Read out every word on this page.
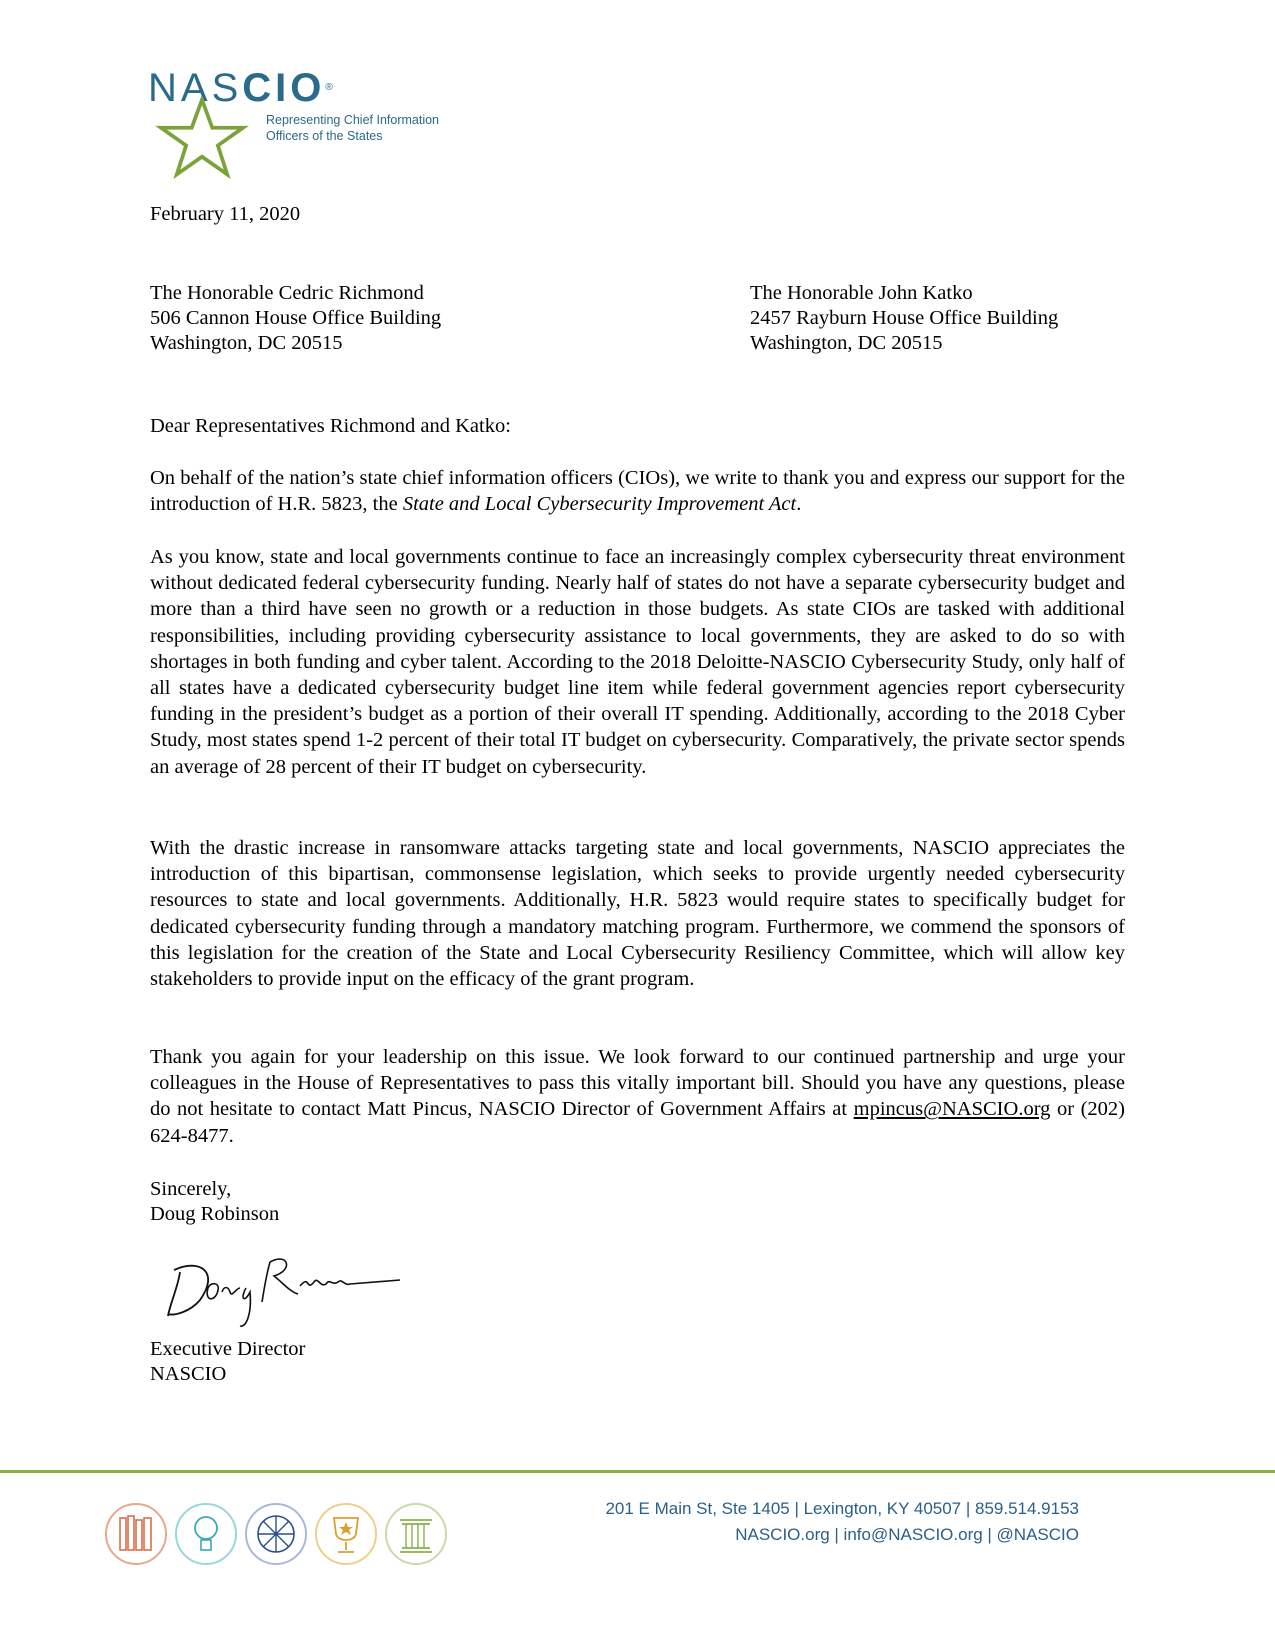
NASCIO®
Representing Chief Information
Officers of the States
February 11, 2020
The Honorable Cedric Richmond
506 Cannon House Office Building
Washington, DC 20515
The Honorable John Katko
2457 Rayburn House Office Building
Washington, DC 20515
Dear Representatives Richmond and Katko:
On behalf of the nation’s state chief information officers (CIOs), we write to thank you and express our support for the introduction of H.R. 5823, the State and Local Cybersecurity Improvement Act.
As you know, state and local governments continue to face an increasingly complex cybersecurity threat environment without dedicated federal cybersecurity funding. Nearly half of states do not have a separate cybersecurity budget and more than a third have seen no growth or a reduction in those budgets. As state CIOs are tasked with additional responsibilities, including providing cybersecurity assistance to local governments, they are asked to do so with shortages in both funding and cyber talent. According to the 2018 Deloitte-NASCIO Cybersecurity Study, only half of all states have a dedicated cybersecurity budget line item while federal government agencies report cybersecurity funding in the president’s budget as a portion of their overall IT spending. Additionally, according to the 2018 Cyber Study, most states spend 1-2 percent of their total IT budget on cybersecurity. Comparatively, the private sector spends an average of 28 percent of their IT budget on cybersecurity.
With the drastic increase in ransomware attacks targeting state and local governments, NASCIO appreciates the introduction of this bipartisan, commonsense legislation, which seeks to provide urgently needed cybersecurity resources to state and local governments. Additionally, H.R. 5823 would require states to specifically budget for dedicated cybersecurity funding through a mandatory matching program. Furthermore, we commend the sponsors of this legislation for the creation of the State and Local Cybersecurity Resiliency Committee, which will allow key stakeholders to provide input on the efficacy of the grant program.
Thank you again for your leadership on this issue. We look forward to our continued partnership and urge your colleagues in the House of Representatives to pass this vitally important bill. Should you have any questions, please do not hesitate to contact Matt Pincus, NASCIO Director of Government Affairs at mpincus@NASCIO.org or (202) 624-8477.
Sincerely,
Doug Robinson
Executive Director
NASCIO
201 E Main St, Ste 1405 | Lexington, KY 40507 | 859.514.9153
NASCIO.org | info@NASCIO.org | @NASCIO
